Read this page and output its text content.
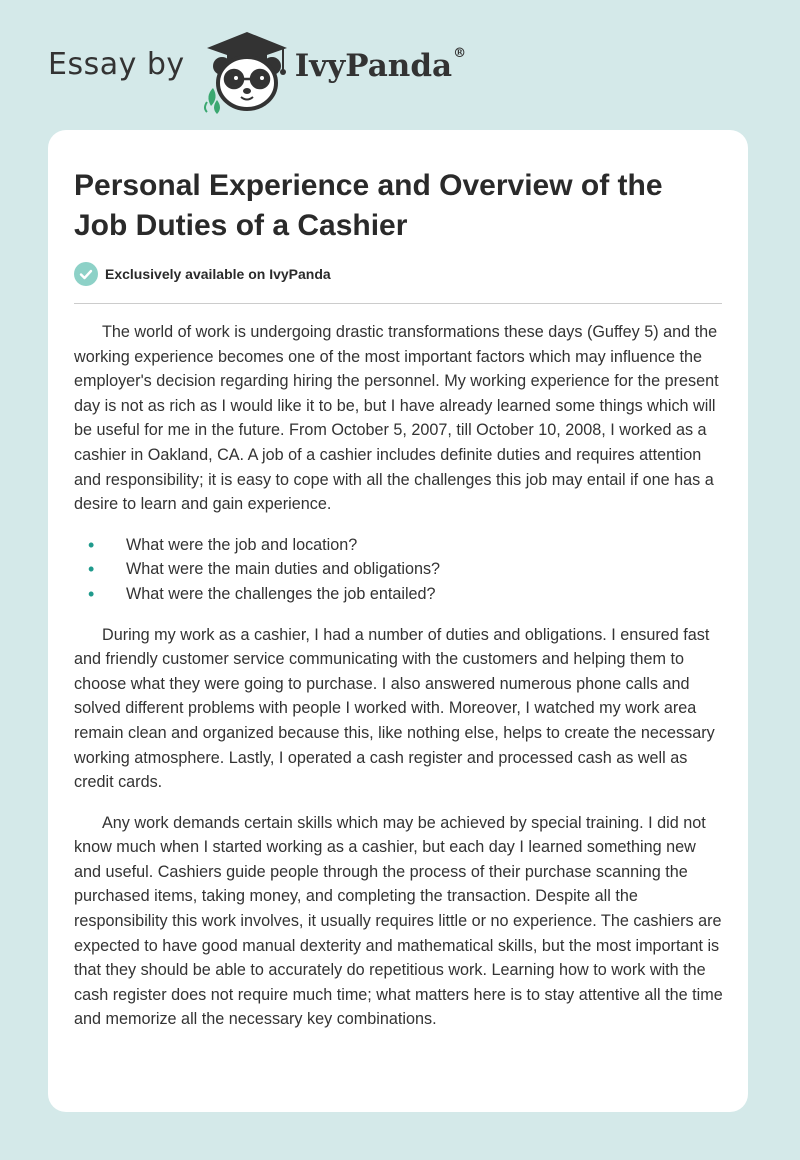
Essay by	IvyPanda®
Personal Experience and Overview of the Job Duties of a Cashier
Exclusively available on IvyPanda

The world of work is undergoing drastic transformations these days (Guffey 5) and the working experience becomes one of the most important factors which may influence the employer's decision regarding hiring the personnel. My working experience for the present day is not as rich as I would like it to be, but I have already learned some things which will be useful for me in the future. From October 5, 2007, till October 10, 2008, I worked as a cashier in Oakland, CA. A job of a cashier includes definite duties and requires attention and responsibility; it is easy to cope with all the challenges this job may entail if one has a desire to learn and gain experience.

• What were the job and location?
• What were the main duties and obligations?
• What were the challenges the job entailed?

During my work as a cashier, I had a number of duties and obligations. I ensured fast and friendly customer service communicating with the customers and helping them to choose what they were going to purchase. I also answered numerous phone calls and solved different problems with people I worked with. Moreover, I watched my work area remain clean and organized because this, like nothing else, helps to create the necessary working atmosphere. Lastly, I operated a cash register and processed cash as well as credit cards.

Any work demands certain skills which may be achieved by special training. I did not know much when I started working as a cashier, but each day I learned something new and useful. Cashiers guide people through the process of their purchase scanning the purchased items, taking money, and completing the transaction. Despite all the responsibility this work involves, it usually requires little or no experience. The cashiers are expected to have good manual dexterity and mathematical skills, but the most important is that they should be able to accurately do repetitious work. Learning how to work with the cash register does not require much time; what matters here is to stay attentive all the time and memorize all the necessary key combinations.
